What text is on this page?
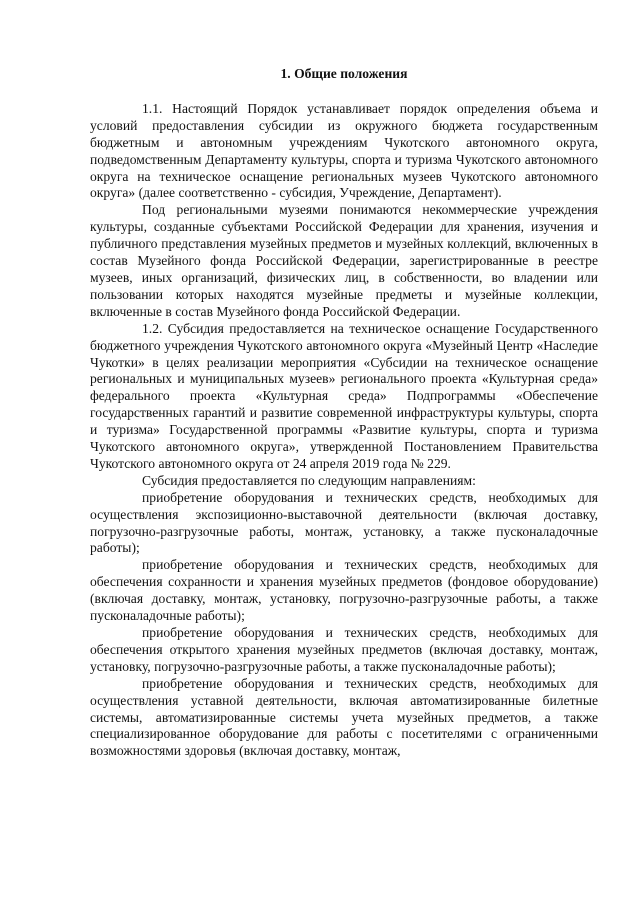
1. Общие положения

1.1. Настоящий Порядок устанавливает порядок определения объема и условий предоставления субсидии из окружного бюджета государственным бюджетным и автономным учреждениям Чукотского автономного округа, подведомственным Департаменту культуры, спорта и туризма Чукотского автономного округа на техническое оснащение региональных музеев Чукотского автономного округа» (далее соответственно - субсидия, Учреждение, Департамент).

Под региональными музеями понимаются некоммерческие учреждения культуры, созданные субъектами Российской Федерации для хранения, изучения и публичного представления музейных предметов и музейных коллекций, включенных в состав Музейного фонда Российской Федерации, зарегистрированные в реестре музеев, иных организаций, физических лиц, в собственности, во владении или пользовании которых находятся музейные предметы и музейные коллекции, включенные в состав Музейного фонда Российской Федерации.

1.2. Субсидия предоставляется на техническое оснащение Государственного бюджетного учреждения Чукотского автономного округа «Музейный Центр «Наследие Чукотки» в целях реализации мероприятия «Субсидии на техническое оснащение региональных и муниципальных музеев» регионального проекта «Культурная среда» федерального проекта «Культурная среда» Подпрограммы «Обеспечение государственных гарантий и развитие современной инфраструктуры культуры, спорта и туризма» Государственной программы «Развитие культуры, спорта и туризма Чукотского автономного округа», утвержденной Постановлением Правительства Чукотского автономного округа от 24 апреля 2019 года № 229.

Субсидия предоставляется по следующим направлениям:

приобретение оборудования и технических средств, необходимых для осуществления экспозиционно-выставочной деятельности (включая доставку, погрузочно-разгрузочные работы, монтаж, установку, а также пусконаладочные работы);

приобретение оборудования и технических средств, необходимых для обеспечения сохранности и хранения музейных предметов (фондовое оборудование) (включая доставку, монтаж, установку, погрузочно-разгрузочные работы, а также пусконаладочные работы);

приобретение оборудования и технических средств, необходимых для обеспечения открытого хранения музейных предметов (включая доставку, монтаж, установку, погрузочно-разгрузочные работы, а также пусконаладочные работы);

приобретение оборудования и технических средств, необходимых для осуществления уставной деятельности, включая автоматизированные билетные системы, автоматизированные системы учета музейных предметов, а также специализированное оборудование для работы с посетителями с ограниченными возможностями здоровья (включая доставку, монтаж,
